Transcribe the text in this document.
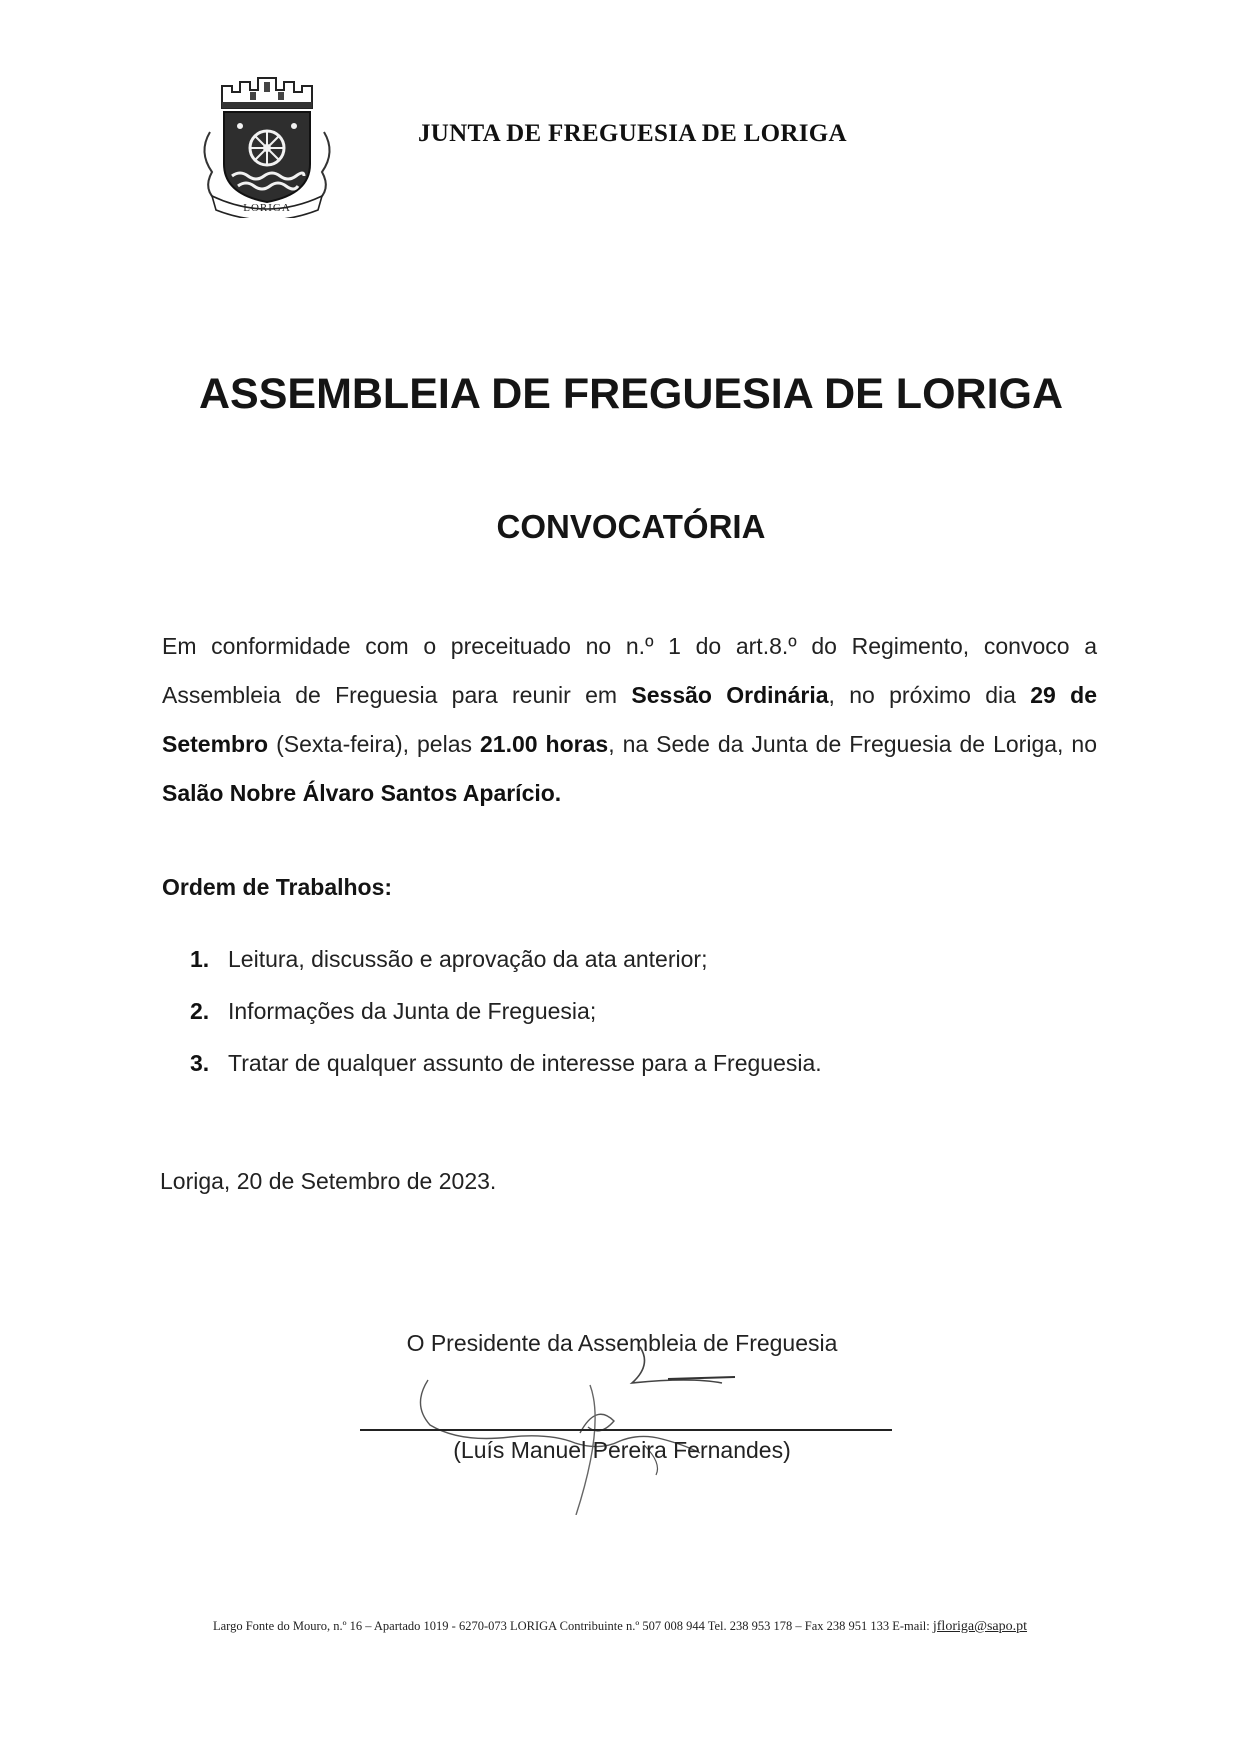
LORIGA
JUNTA DE FREGUESIA DE LORIGA
ASSEMBLEIA DE FREGUESIA DE LORIGA
CONVOCATÓRIA
Em conformidade com o preceituado no n.º 1 do art.8.º do Regimento, convoco a Assembleia de Freguesia para reunir em Sessão Ordinária, no próximo dia 29 de Setembro (Sexta-feira), pelas 21.00 horas, na Sede da Junta de Freguesia de Loriga, no Salão Nobre Álvaro Santos Aparício.
Ordem de Trabalhos:
1. Leitura, discussão e aprovação da ata anterior;
2. Informações da Junta de Freguesia;
3. Tratar de qualquer assunto de interesse para a Freguesia.
Loriga, 20 de Setembro de 2023.
O Presidente da Assembleia de Freguesia
(Luís Manuel Pereira Fernandes)
Largo Fonte do Mouro, n.º 16 – Apartado 1019 - 6270-073 LORIGA Contribuinte n.º 507 008 944 Tel. 238 953 178 – Fax 238 951 133 E-mail: jfloriga@sapo.pt
